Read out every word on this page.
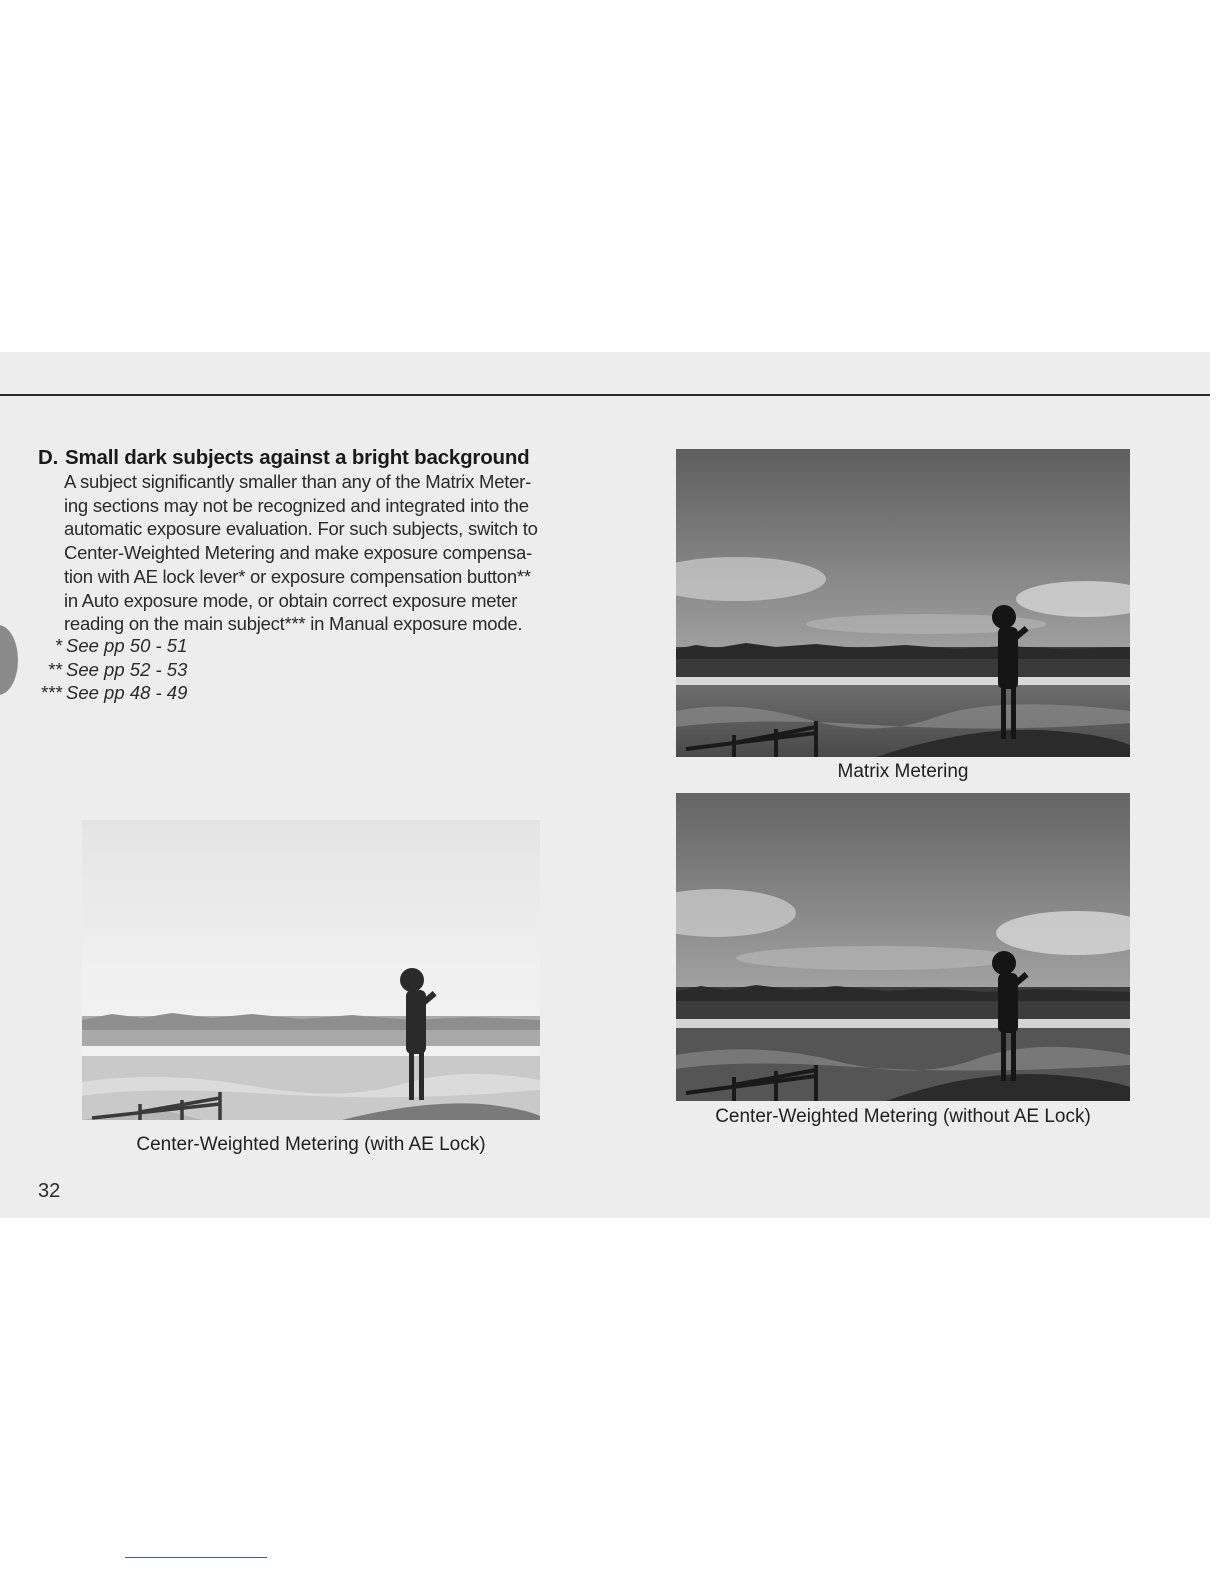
D. Small dark subjects against a bright background
A subject significantly smaller than any of the Matrix Meter-
ing sections may not be recognized and integrated into the
automatic exposure evaluation. For such subjects, switch to
Center-Weighted Metering and make exposure compensa-
tion with AE lock lever* or exposure compensation button**
in Auto exposure mode, or obtain correct exposure meter
reading on the main subject*** in Manual exposure mode.
* See pp 50 - 51
** See pp 52 - 53
*** See pp 48 - 49
Matrix Metering
Center-Weighted Metering (without AE Lock)
Center-Weighted Metering (with AE Lock)
32
